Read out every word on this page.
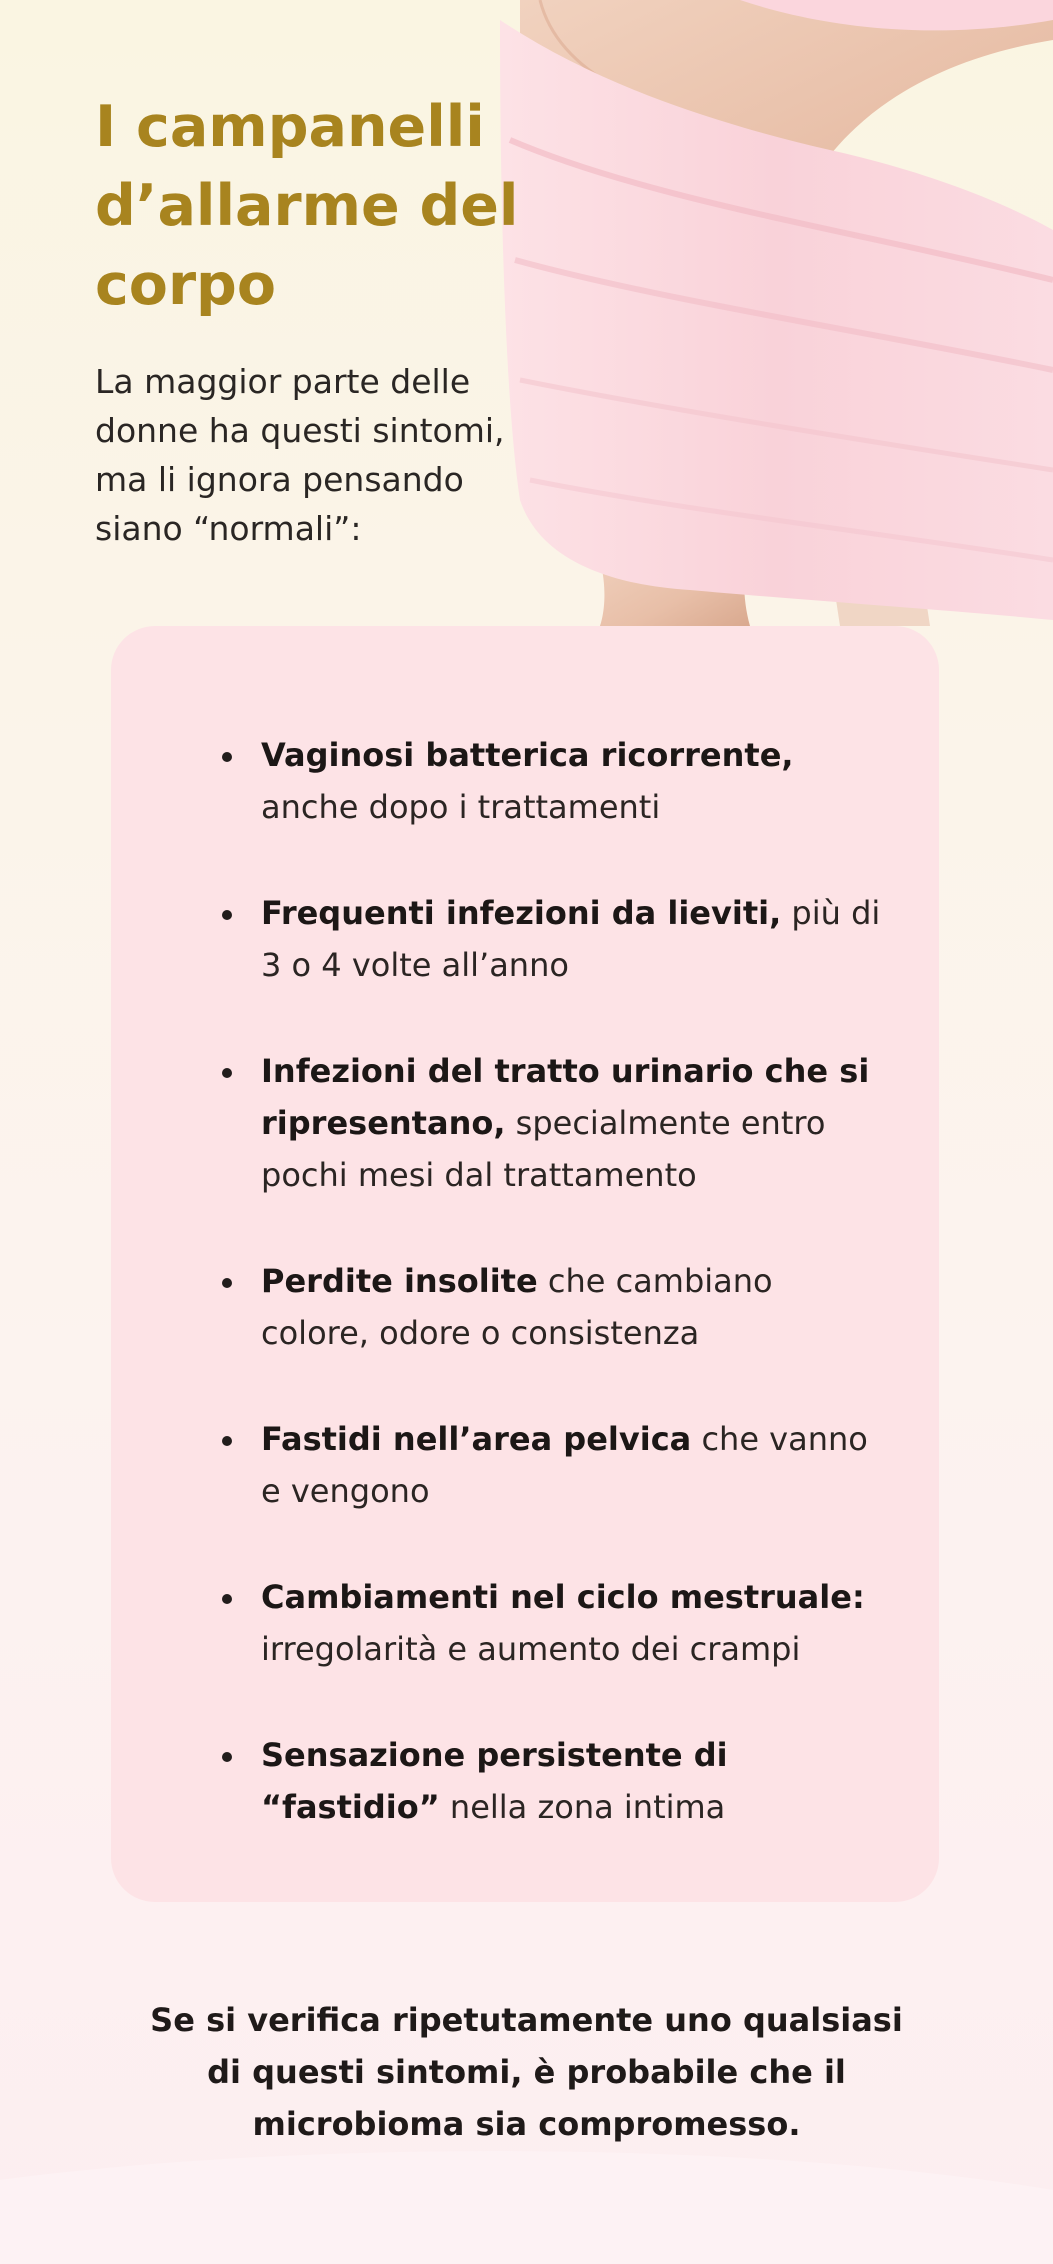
I campanelli d’allarme del corpo

La maggior parte delle donne ha questi sintomi, ma li ignora pensando siano “normali”:

Vaginosi batterica ricorrente, anche dopo i trattamenti
Frequenti infezioni da lieviti, più di 3 o 4 volte all’anno
Infezioni del tratto urinario che si ripresentano, specialmente entro pochi mesi dal trattamento
Perdite insolite che cambiano colore, odore o consistenza
Fastidi nell’area pelvica che vanno e vengono
Cambiamenti nel ciclo mestruale: irregolarità e aumento dei crampi
Sensazione persistente di “fastidio” nella zona intima

Se si verifica ripetutamente uno qualsiasi di questi sintomi, è probabile che il microbioma sia compromesso.
